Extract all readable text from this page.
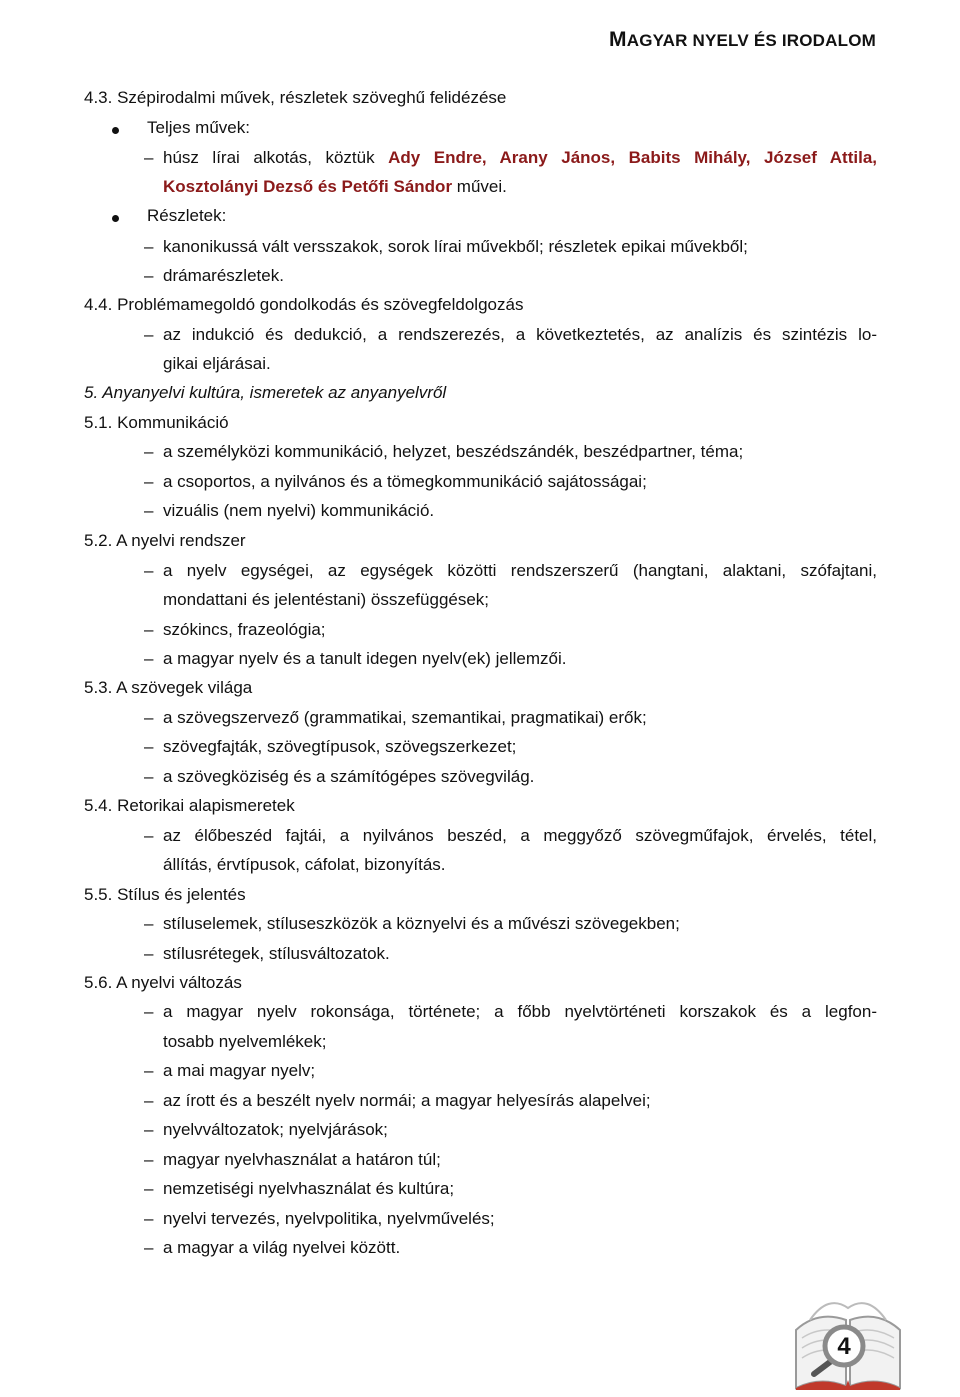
MAGYAR NYELV ÉS IRODALOM
4.3. Szépirodalmi művek, részletek szöveghű felidézése
Teljes művek:
– húsz lírai alkotás, köztük Ady Endre, Arany János, Babits Mihály, József Attila,
Kosztolányi Dezső és Petőfi Sándor művei.
Részletek:
– kanonikussá vált versszakok, sorok lírai művekből; részletek epikai művekből;
– drámarészletek.
4.4. Problémamegoldó gondolkodás és szövegfeldolgozás
– az indukció és dedukció, a rendszerezés, a következtetés, az analízis és szintézis lo-
gikai eljárásai.
5. Anyanyelvi kultúra, ismeretek az anyanyelvről
5.1. Kommunikáció
– a személyközi kommunikáció, helyzet, beszédszándék, beszédpartner, téma;
– a csoportos, a nyilvános és a tömegkommunikáció sajátosságai;
– vizuális (nem nyelvi) kommunikáció.
5.2. A nyelvi rendszer
– a nyelv egységei, az egységek közötti rendszerszerű (hangtani, alaktani, szófajtani,
mondattani és jelentéstani) összefüggések;
– szókincs, frazeológia;
– a magyar nyelv és a tanult idegen nyelv(ek) jellemzői.
5.3. A szövegek világa
– a szövegszervező (grammatikai, szemantikai, pragmatikai) erők;
– szövegfajták, szövegtípusok, szövegszerkezet;
– a szövegköziség és a számítógépes szövegvilág.
5.4. Retorikai alapismeretek
– az élőbeszéd fajtái, a nyilvános beszéd, a meggyőző szövegműfajok, érvelés, tétel,
állítás, érvtípusok, cáfolat, bizonyítás.
5.5. Stílus és jelentés
– stíluselemek, stíluseszközök a köznyelvi és a művészi szövegekben;
– stílusrétegek, stílusváltozatok.
5.6. A nyelvi változás
– a magyar nyelv rokonsága, története; a főbb nyelvtörténeti korszakok és a legfon-
tosabb nyelvemlékek;
– a mai magyar nyelv;
– az írott és a beszélt nyelv normái; a magyar helyesírás alapelvei;
– nyelvváltozatok; nyelvjárások;
– magyar nyelvhasználat a határon túl;
– nemzetiségi nyelvhasználat és kultúra;
– nyelvi tervezés, nyelvpolitika, nyelvművelés;
– a magyar a világ nyelvei között.
4
